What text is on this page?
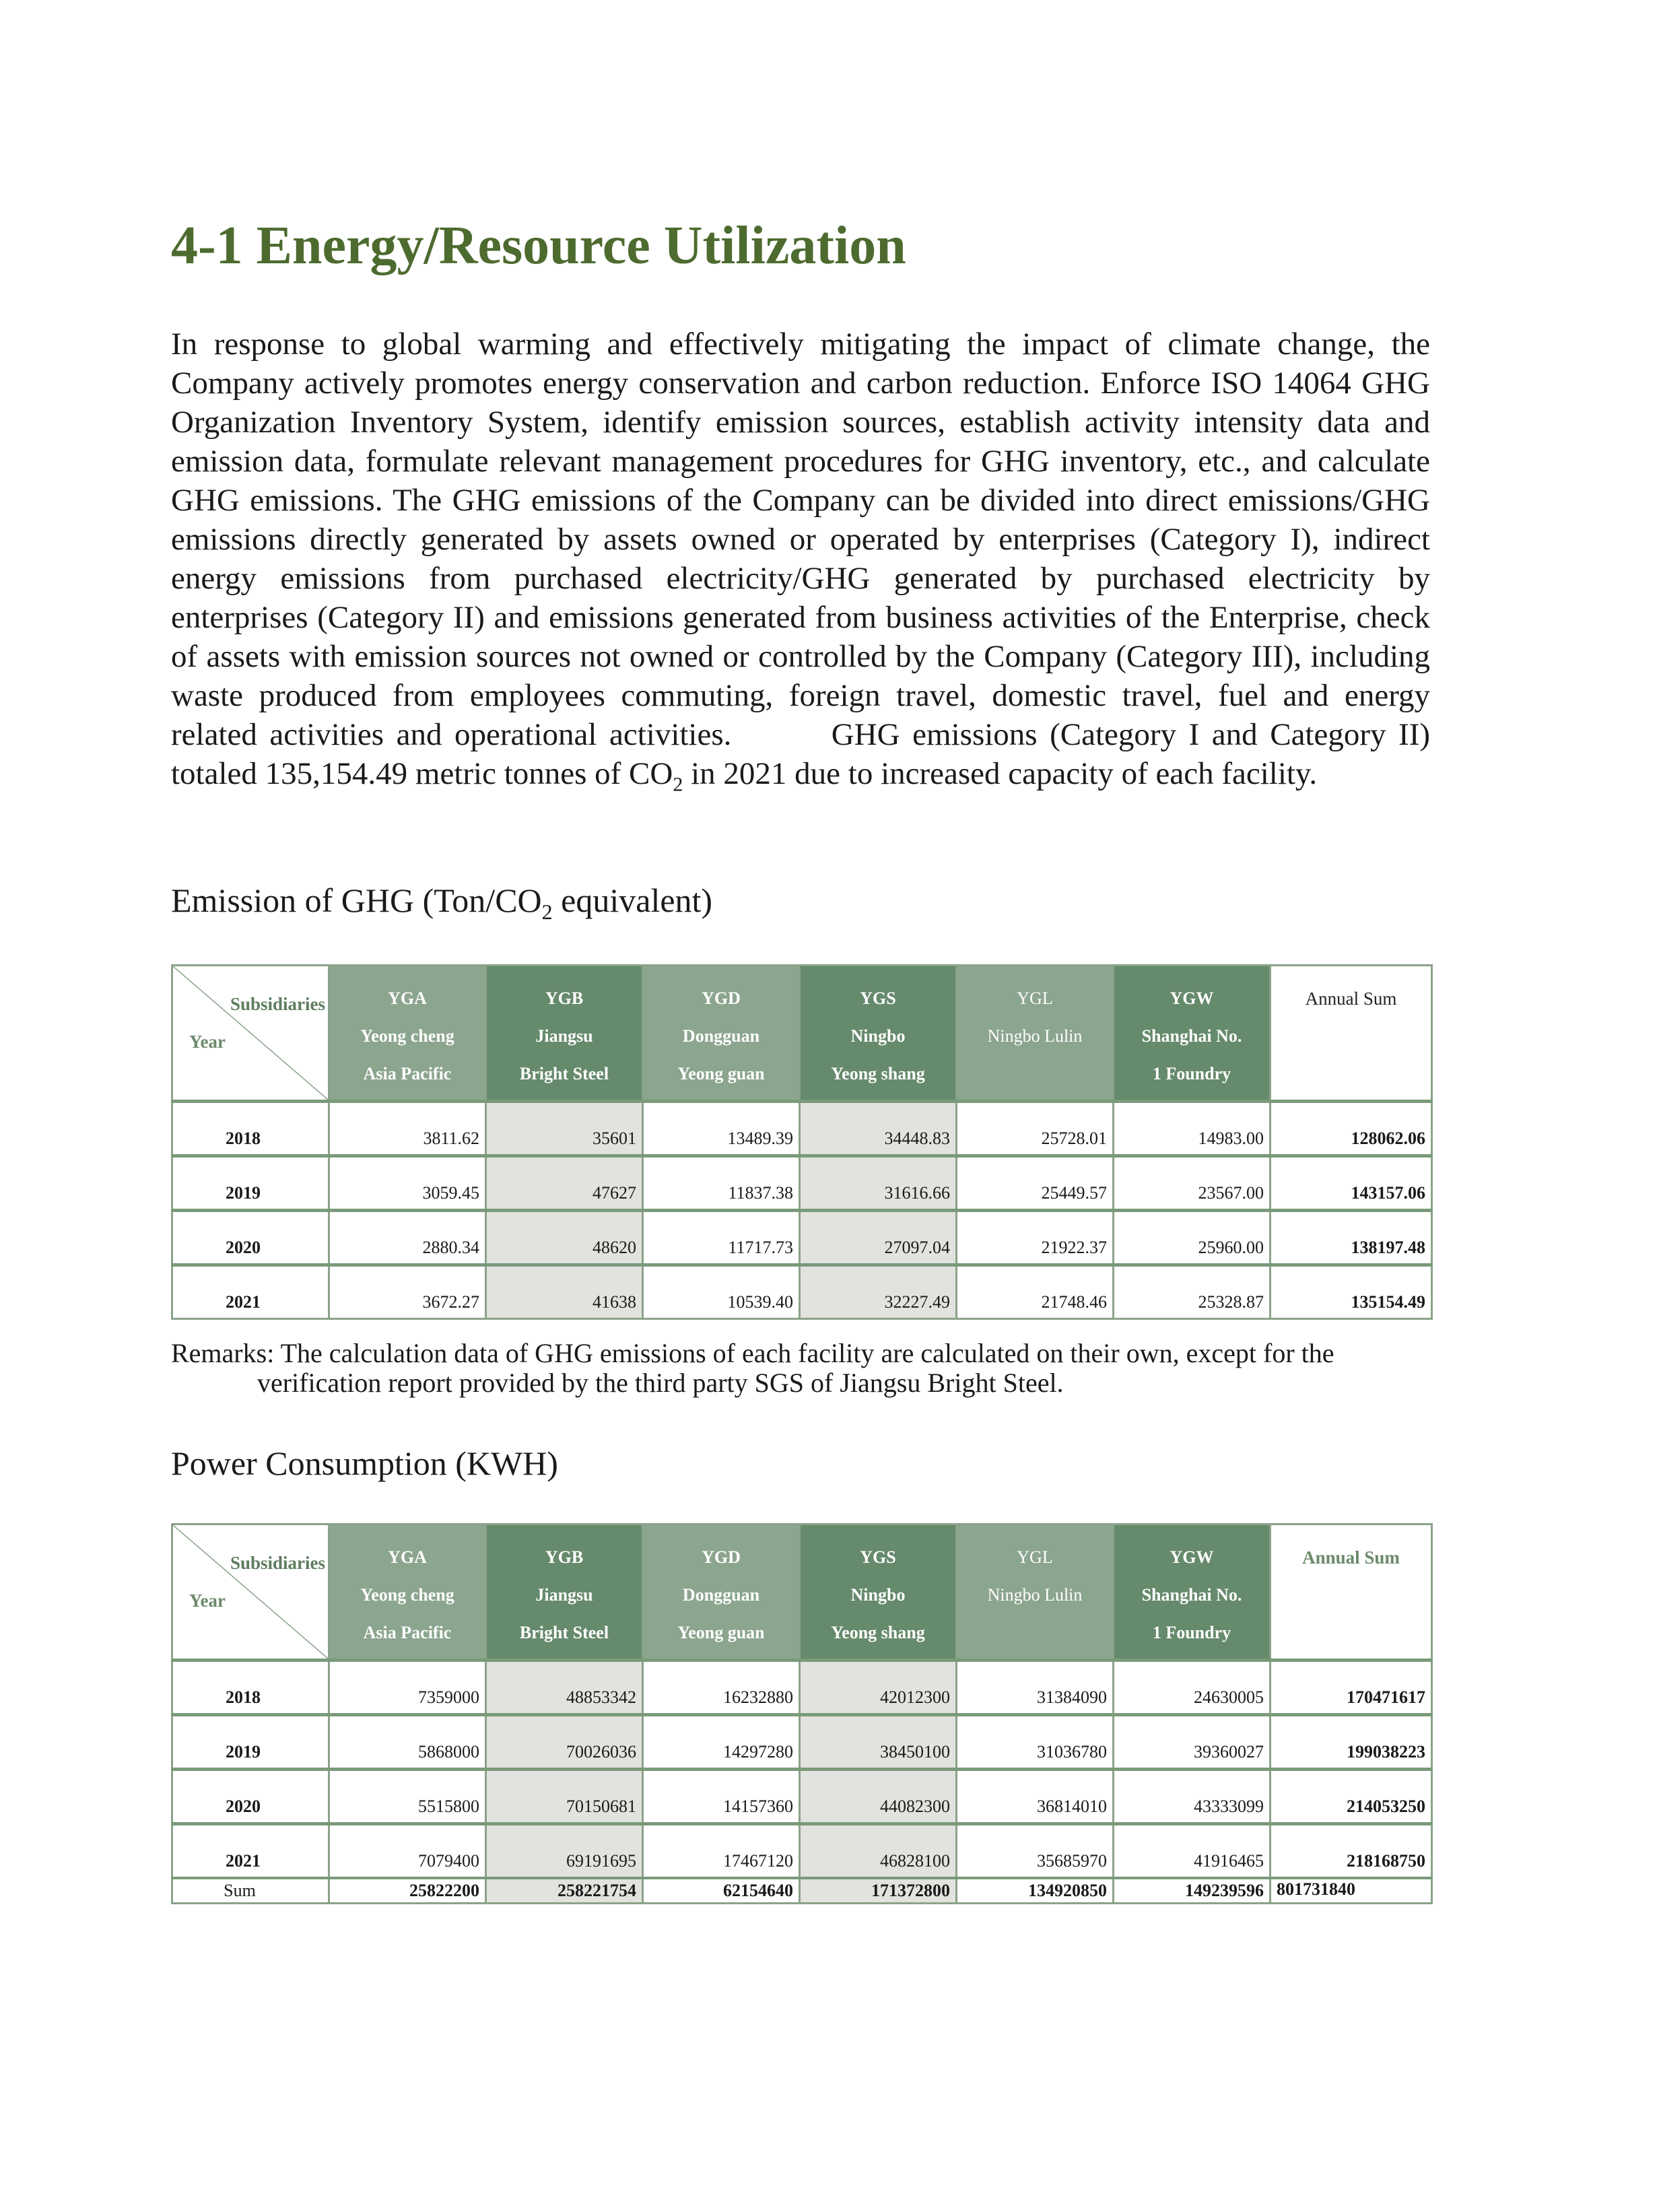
4-1 Energy/Resource Utilization

In response to global warming and effectively mitigating the impact of climate change, the Company actively promotes energy conservation and carbon reduction. Enforce ISO 14064 GHG Organization Inventory System, identify emission sources, establish activity intensity data and emission data, formulate relevant management procedures for GHG inventory, etc., and calculate GHG emissions. The GHG emissions of the Company can be divided into direct emissions/GHG emissions directly generated by assets owned or operated by enterprises (Category I), indirect energy emissions from purchased electricity/GHG generated by purchased electricity by enterprises (Category II) and emissions generated from business activities of the Enterprise, check of assets with emission sources not owned or controlled by the Company (Category III), including waste produced from employees commuting, foreign travel, domestic travel, fuel and energy related activities and operational activities.	GHG emissions (Category I and Category II) totaled 135,154.49 metric tonnes of $CO_2$ in 2021 due to increased capacity of each facility.

Emission of GHG ($Ton/CO_2$ equivalent)
Subsidiaries
Year	YGA
Yeong cheng
Asia Pacific	YGB
Jiangsu
Bright Steel	YGD
Dongguan
Yeong guan	YGS
Ningbo
Yeong shang	YGL
Ningbo Lulin	YGW
Shanghai No.
1 Foundry	Annual Sum
2018	3811.62	35601	13489.39	34448.83	25728.01	14983.00	128062.06
2019	3059.45	47627	11837.38	31616.66	25449.57	23567.00	143157.06
2020	2880.34	48620	11717.73	27097.04	21922.37	25960.00	138197.48
2021	3672.27	41638	10539.40	32227.49	21748.46	25328.87	135154.49
Remarks: The calculation data of GHG emissions of each facility are calculated on their own, except for the
verification report provided by the third party SGS of Jiangsu Bright Steel.
Power Consumption (KWH)
Subsidiaries
Year	YGA
Yeong cheng
Asia Pacific	YGB
Jiangsu
Bright Steel	YGD
Dongguan
Yeong guan	YGS
Ningbo
Yeong shang	YGL
Ningbo Lulin	YGW
Shanghai No.
1 Foundry	Annual Sum
2018	7359000	48853342	16232880	42012300	31384090	24630005	170471617
2019	5868000	70026036	14297280	38450100	31036780	39360027	199038223
2020	5515800	70150681	14157360	44082300	36814010	43333099	214053250
2021	7079400	69191695	17467120	46828100	35685970	41916465	218168750
Sum	25822200	258221754	62154640	171372800	134920850	149239596	801731840
